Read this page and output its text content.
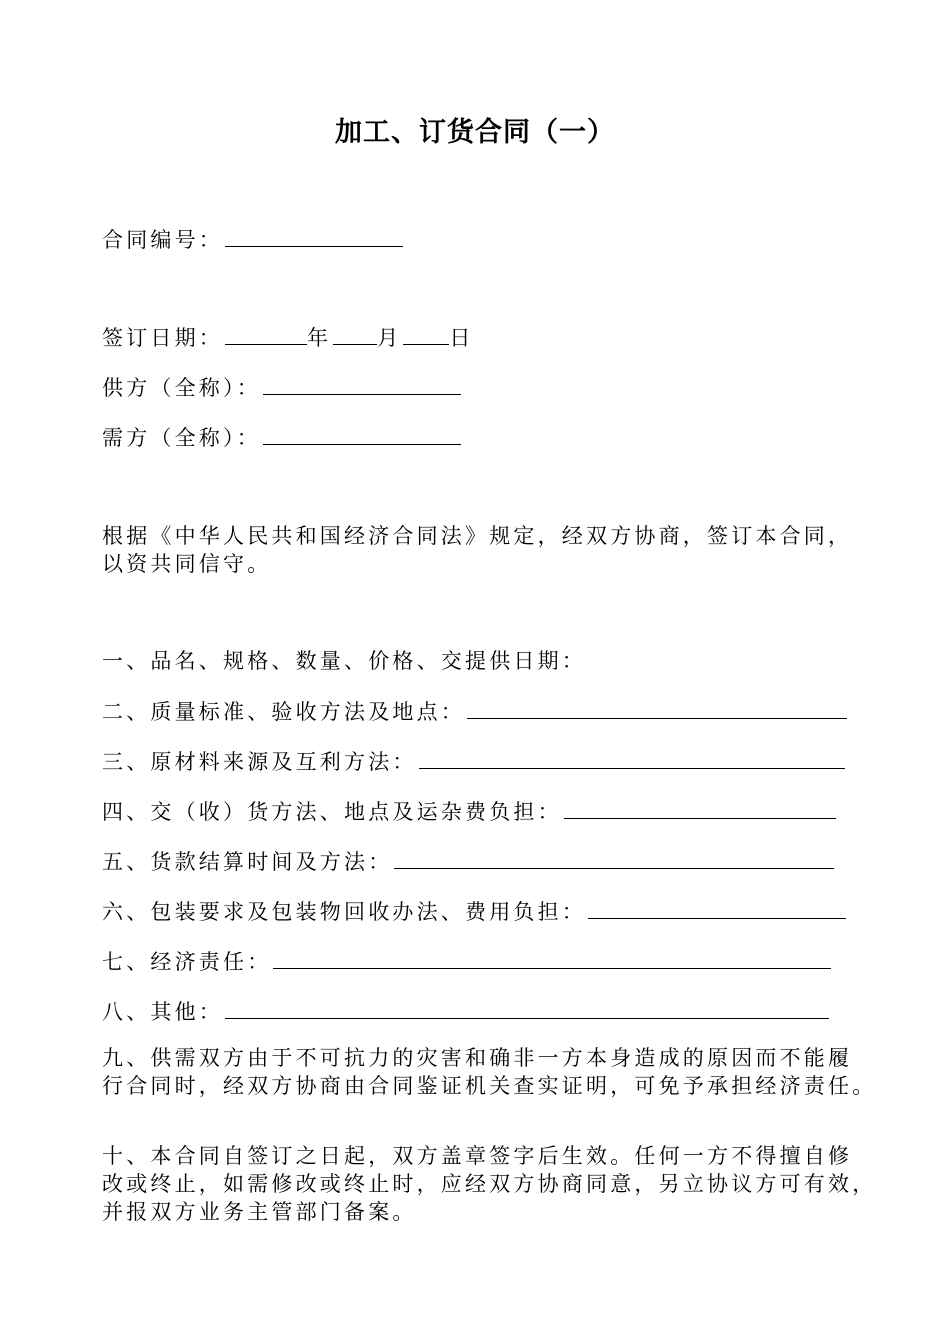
加工、订货合同（一）
合同编号：
签订日期：	年 月 日
供方（全称）：
需方（全称）：
根据《中华人民共和国经济合同法》规定，经双方协商，签订本合同，
以资共同信守。
一、品名、规格、数量、价格、交提供日期：
二、质量标准、验收方法及地点：
三、原材料来源及互利方法：
四、交（收）货方法、地点及运杂费负担：
五、货款结算时间及方法：
六、包装要求及包装物回收办法、费用负担：
七、经济责任：
八、其他：
九、供需双方由于不可抗力的灾害和确非一方本身造成的原因而不能履
行合同时，经双方协商由合同鉴证机关查实证明，可免予承担经济责任。
十、本合同自签订之日起，双方盖章签字后生效。任何一方不得擅自修
改或终止，如需修改或终止时，应经双方协商同意，另立协议方可有效，
并报双方业务主管部门备案。
